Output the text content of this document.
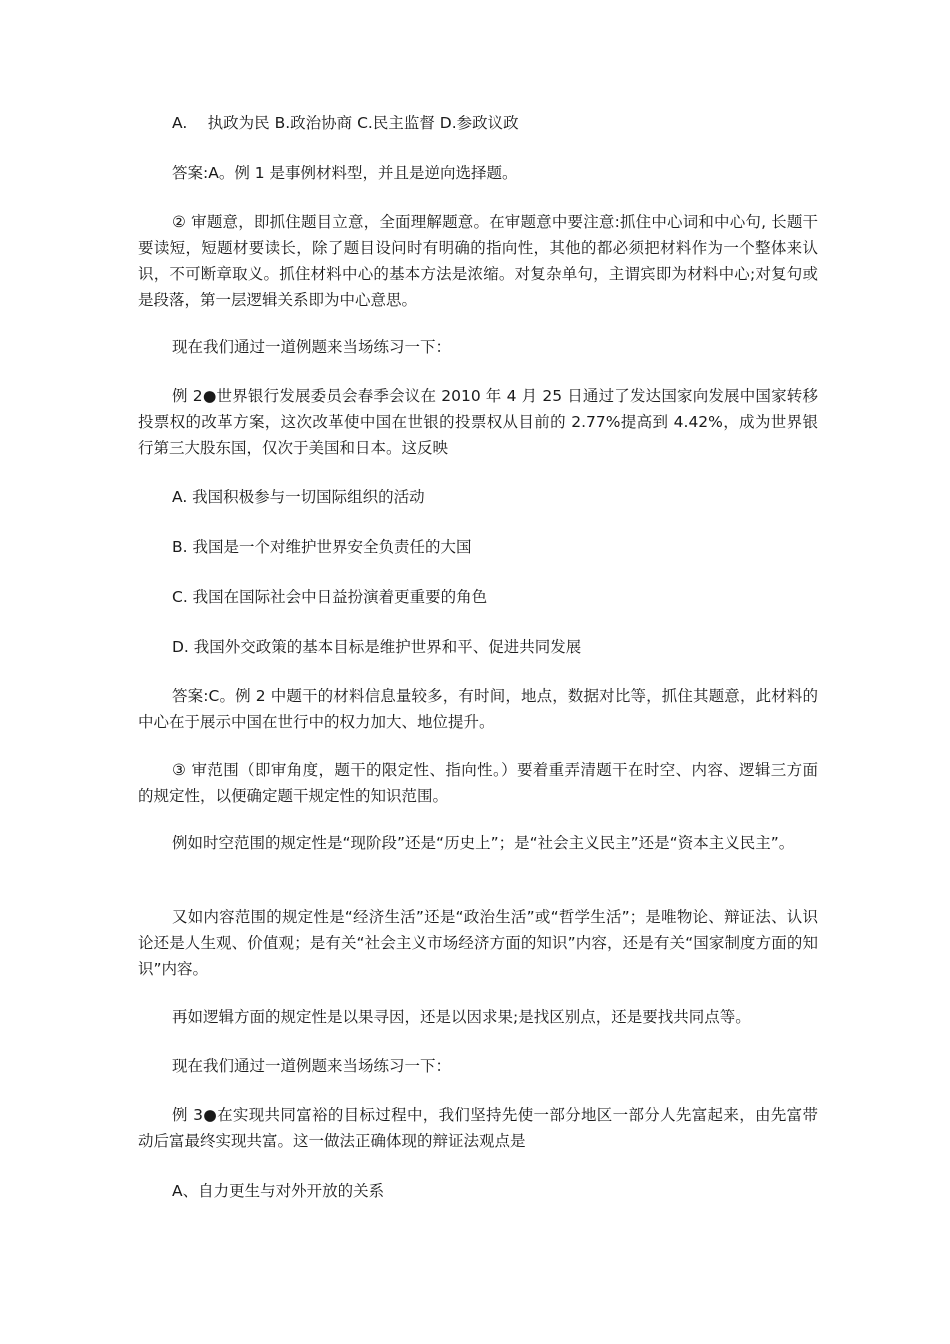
A.　 执政为民 B.政治协商 C.民主监督 D.参政议政

答案:A。例 1 是事例材料型，并且是逆向选择题。

② 审题意，即抓住题目立意，全面理解题意。在审题意中要注意:抓住中心词和中心句, 长题干要读短，短题材要读长，除了题目设问时有明确的指向性，其他的都必须把材料作为一个整体来认识，不可断章取义。抓住材料中心的基本方法是浓缩。对复杂单句，主谓宾即为材料中心;对复句或是段落，第一层逻辑关系即为中心意思。

现在我们通过一道例题来当场练习一下：

例 2●世界银行发展委员会春季会议在 2010 年 4 月 25 日通过了发达国家向发展中国家转移投票权的改革方案，这次改革使中国在世银的投票权从目前的 2.77%提高到 4.42%，成为世界银行第三大股东国，仅次于美国和日本。这反映

A. 我国积极参与一切国际组织的活动

B. 我国是一个对维护世界安全负责任的大国

C. 我国在国际社会中日益扮演着更重要的角色

D. 我国外交政策的基本目标是维护世界和平、促进共同发展

答案:C。例 2 中题干的材料信息量较多，有时间，地点，数据对比等，抓住其题意，此材料的中心在于展示中国在世行中的权力加大、地位提升。

③ 审范围（即审角度，题干的限定性、指向性。）要着重弄清题干在时空、内容、逻辑三方面的规定性，以便确定题干规定性的知识范围。

例如时空范围的规定性是“现阶段”还是“历史上”；是“社会主义民主”还是“资本主义民主”。

又如内容范围的规定性是“经济生活”还是“政治生活”或“哲学生活”；是唯物论、辩证法、认识论还是人生观、价值观；是有关“社会主义市场经济方面的知识”内容，还是有关“国家制度方面的知识”内容。

再如逻辑方面的规定性是以果寻因，还是以因求果;是找区别点，还是要找共同点等。

现在我们通过一道例题来当场练习一下：

例 3●在实现共同富裕的目标过程中，我们坚持先使一部分地区一部分人先富起来，由先富带动后富最终实现共富。这一做法正确体现的辩证法观点是

A、自力更生与对外开放的关系
